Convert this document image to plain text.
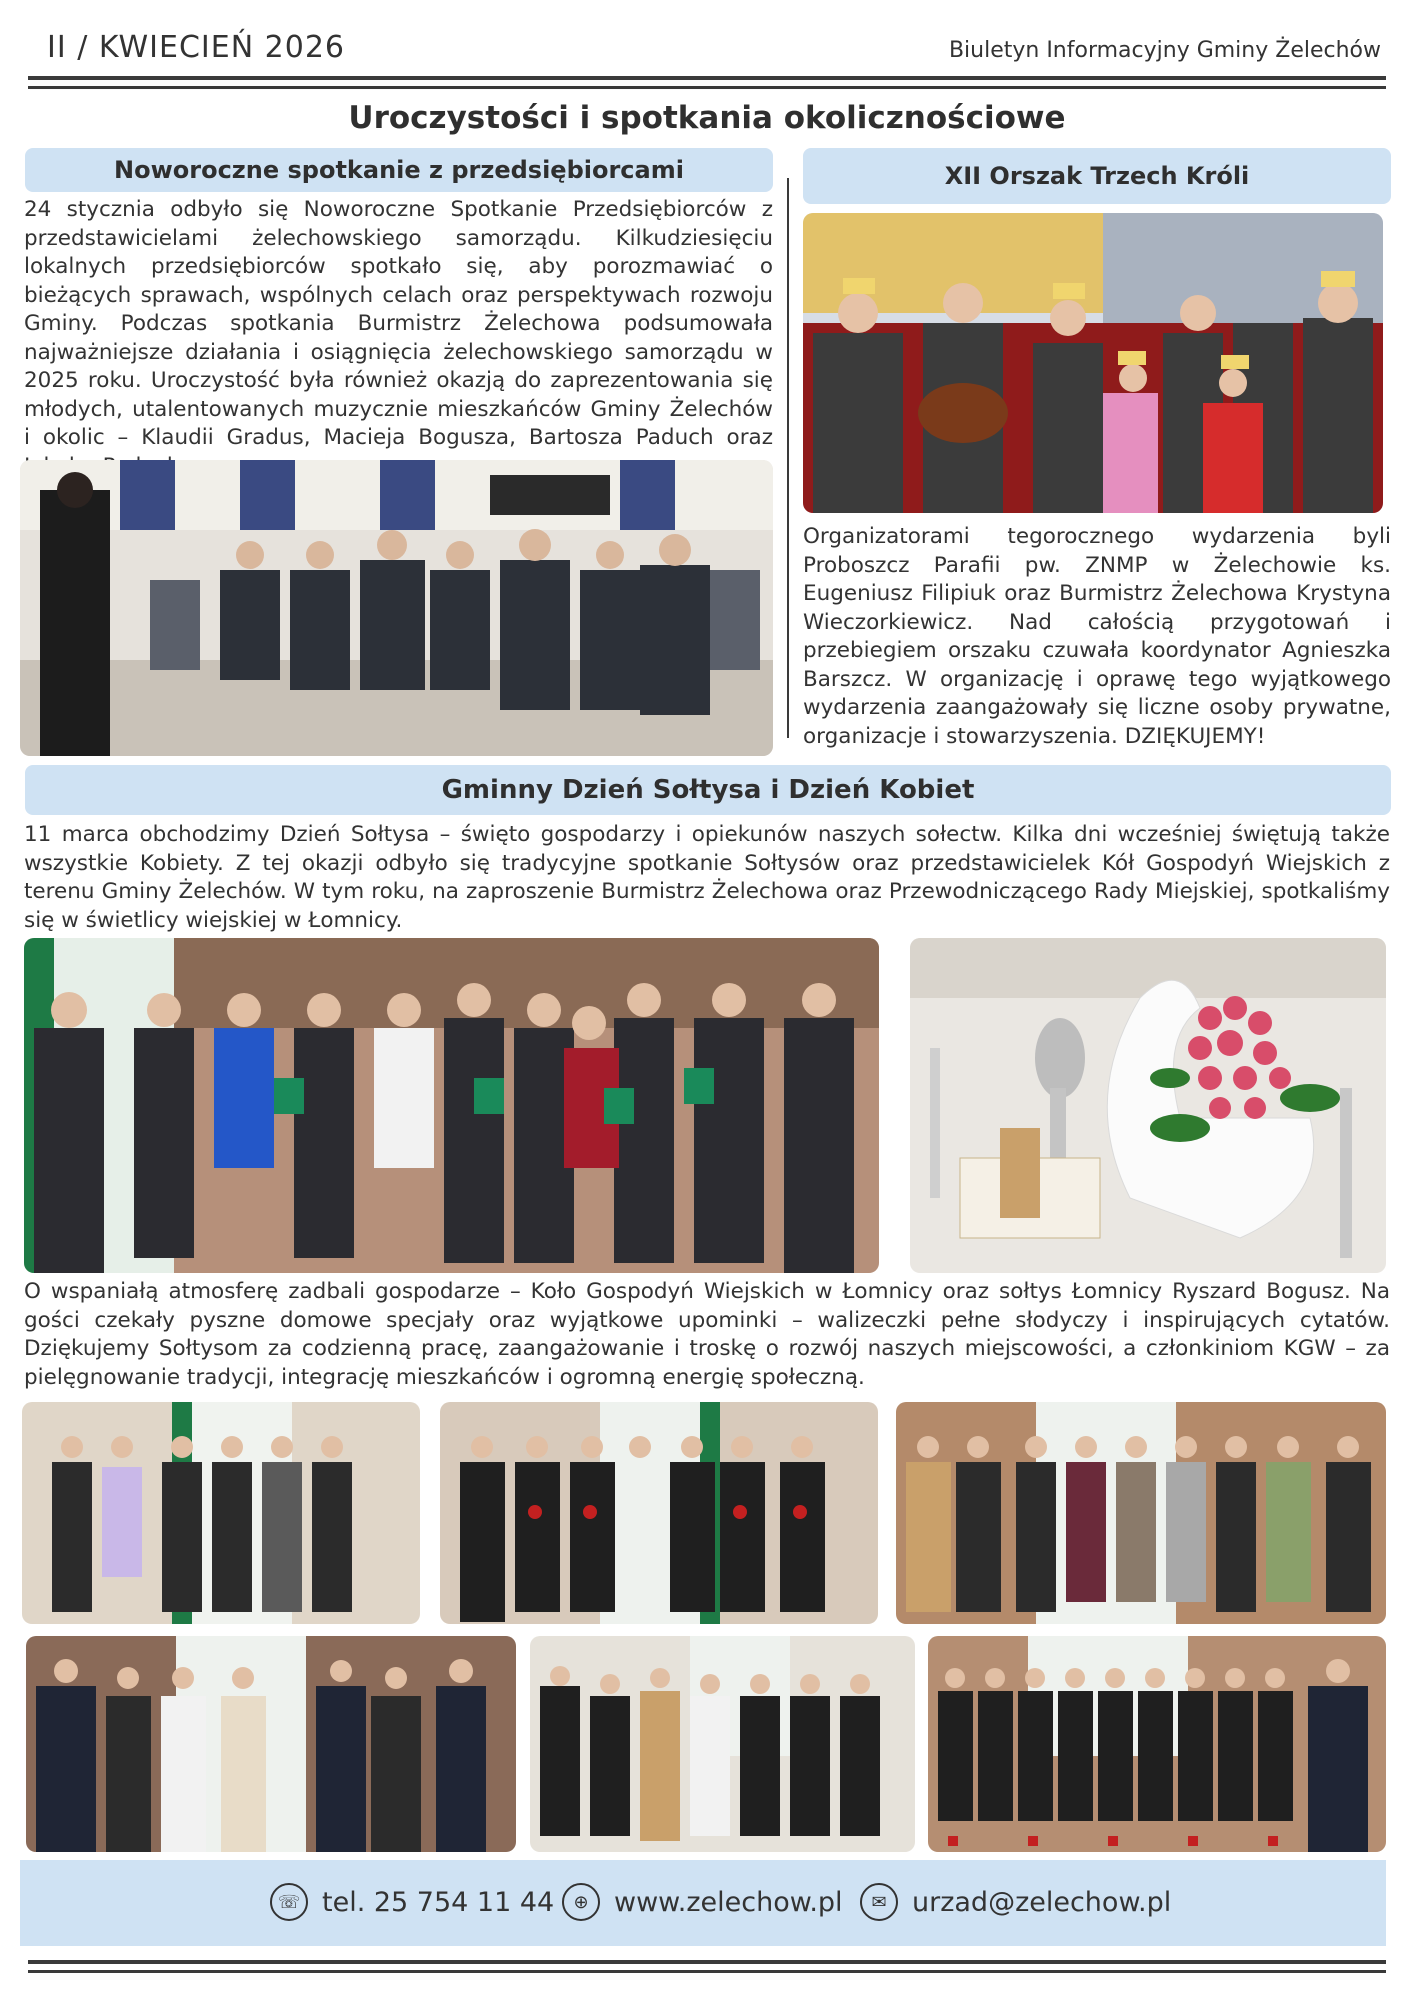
II / KWIECIEŃ 2026	Biuletyn Informacyjny Gminy Żelechów
Uroczystości i spotkania okolicznościowe
Noworoczne spotkanie z przedsiębiorcami
24 stycznia odbyło się Noworoczne Spotkanie Przedsiębiorców z przedstawicielami żelechowskiego samorządu. Kilkudziesięciu lokalnych przedsiębiorców spotkało się, aby porozmawiać o bieżących sprawach, wspólnych celach oraz perspektywach rozwoju Gminy. Podczas spotkania Burmistrz Żelechowa podsumowała najważniejsze działania i osiągnięcia żelechowskiego samorządu w 2025 roku. Uroczystość była również okazją do zaprezentowania się młodych, utalentowanych muzycznie mieszkańców Gminy Żelechów i okolic – Klaudii Gradus, Macieja Bogusza, Bartosza Paduch oraz
XII Orszak Trzech Króli
Organizatorami tegorocznego wydarzenia byli Proboszcz Parafii pw. ZNMP w Żelechowie ks. Eugeniusz Filipiuk oraz Burmistrz Żelechowa Krystyna Wieczorkiewicz. Nad całością przygotowań i przebiegiem orszaku czuwała koordynator Agnieszka Barszcz. W organizację i oprawę tego wyjątkowego wydarzenia zaangażowały się liczne osoby prywatne, organizacje i stowarzyszenia. DZIĘKUJEMY!
Gminny Dzień Sołtysa i Dzień Kobiet
11 marca obchodzimy Dzień Sołtysa – święto gospodarzy i opiekunów naszych sołectw. Kilka dni wcześniej świętują także wszystkie Kobiety. Z tej okazji odbyło się tradycyjne spotkanie Sołtysów oraz przedstawicielek Kół Gospodyń Wiejskich z terenu Gminy Żelechów. W tym roku, na zaproszenie Burmistrz Żelechowa oraz Przewodniczącego Rady Miejskiej, spotkaliśmy się w świetlicy wiejskiej w Łomnicy.
O wspaniałą atmosferę zadbali gospodarze – Koło Gospodyń Wiejskich w Łomnicy oraz sołtys Łomnicy Ryszard Bogusz. Na gości czekały pyszne domowe specjały oraz wyjątkowe upominki – walizeczki pełne słodyczy i inspirujących cytatów. Dziękujemy Sołtysom za codzienną pracę, zaangażowanie i troskę o rozwój naszych miejscowości, a członkiniom KGW – za pielęgnowanie tradycji, integrację mieszkańców i ogromną energię społeczną.
☏ tel. 25 754 11 44	⊕ www.zelechow.pl	✉ urzad@zelechow.pl
